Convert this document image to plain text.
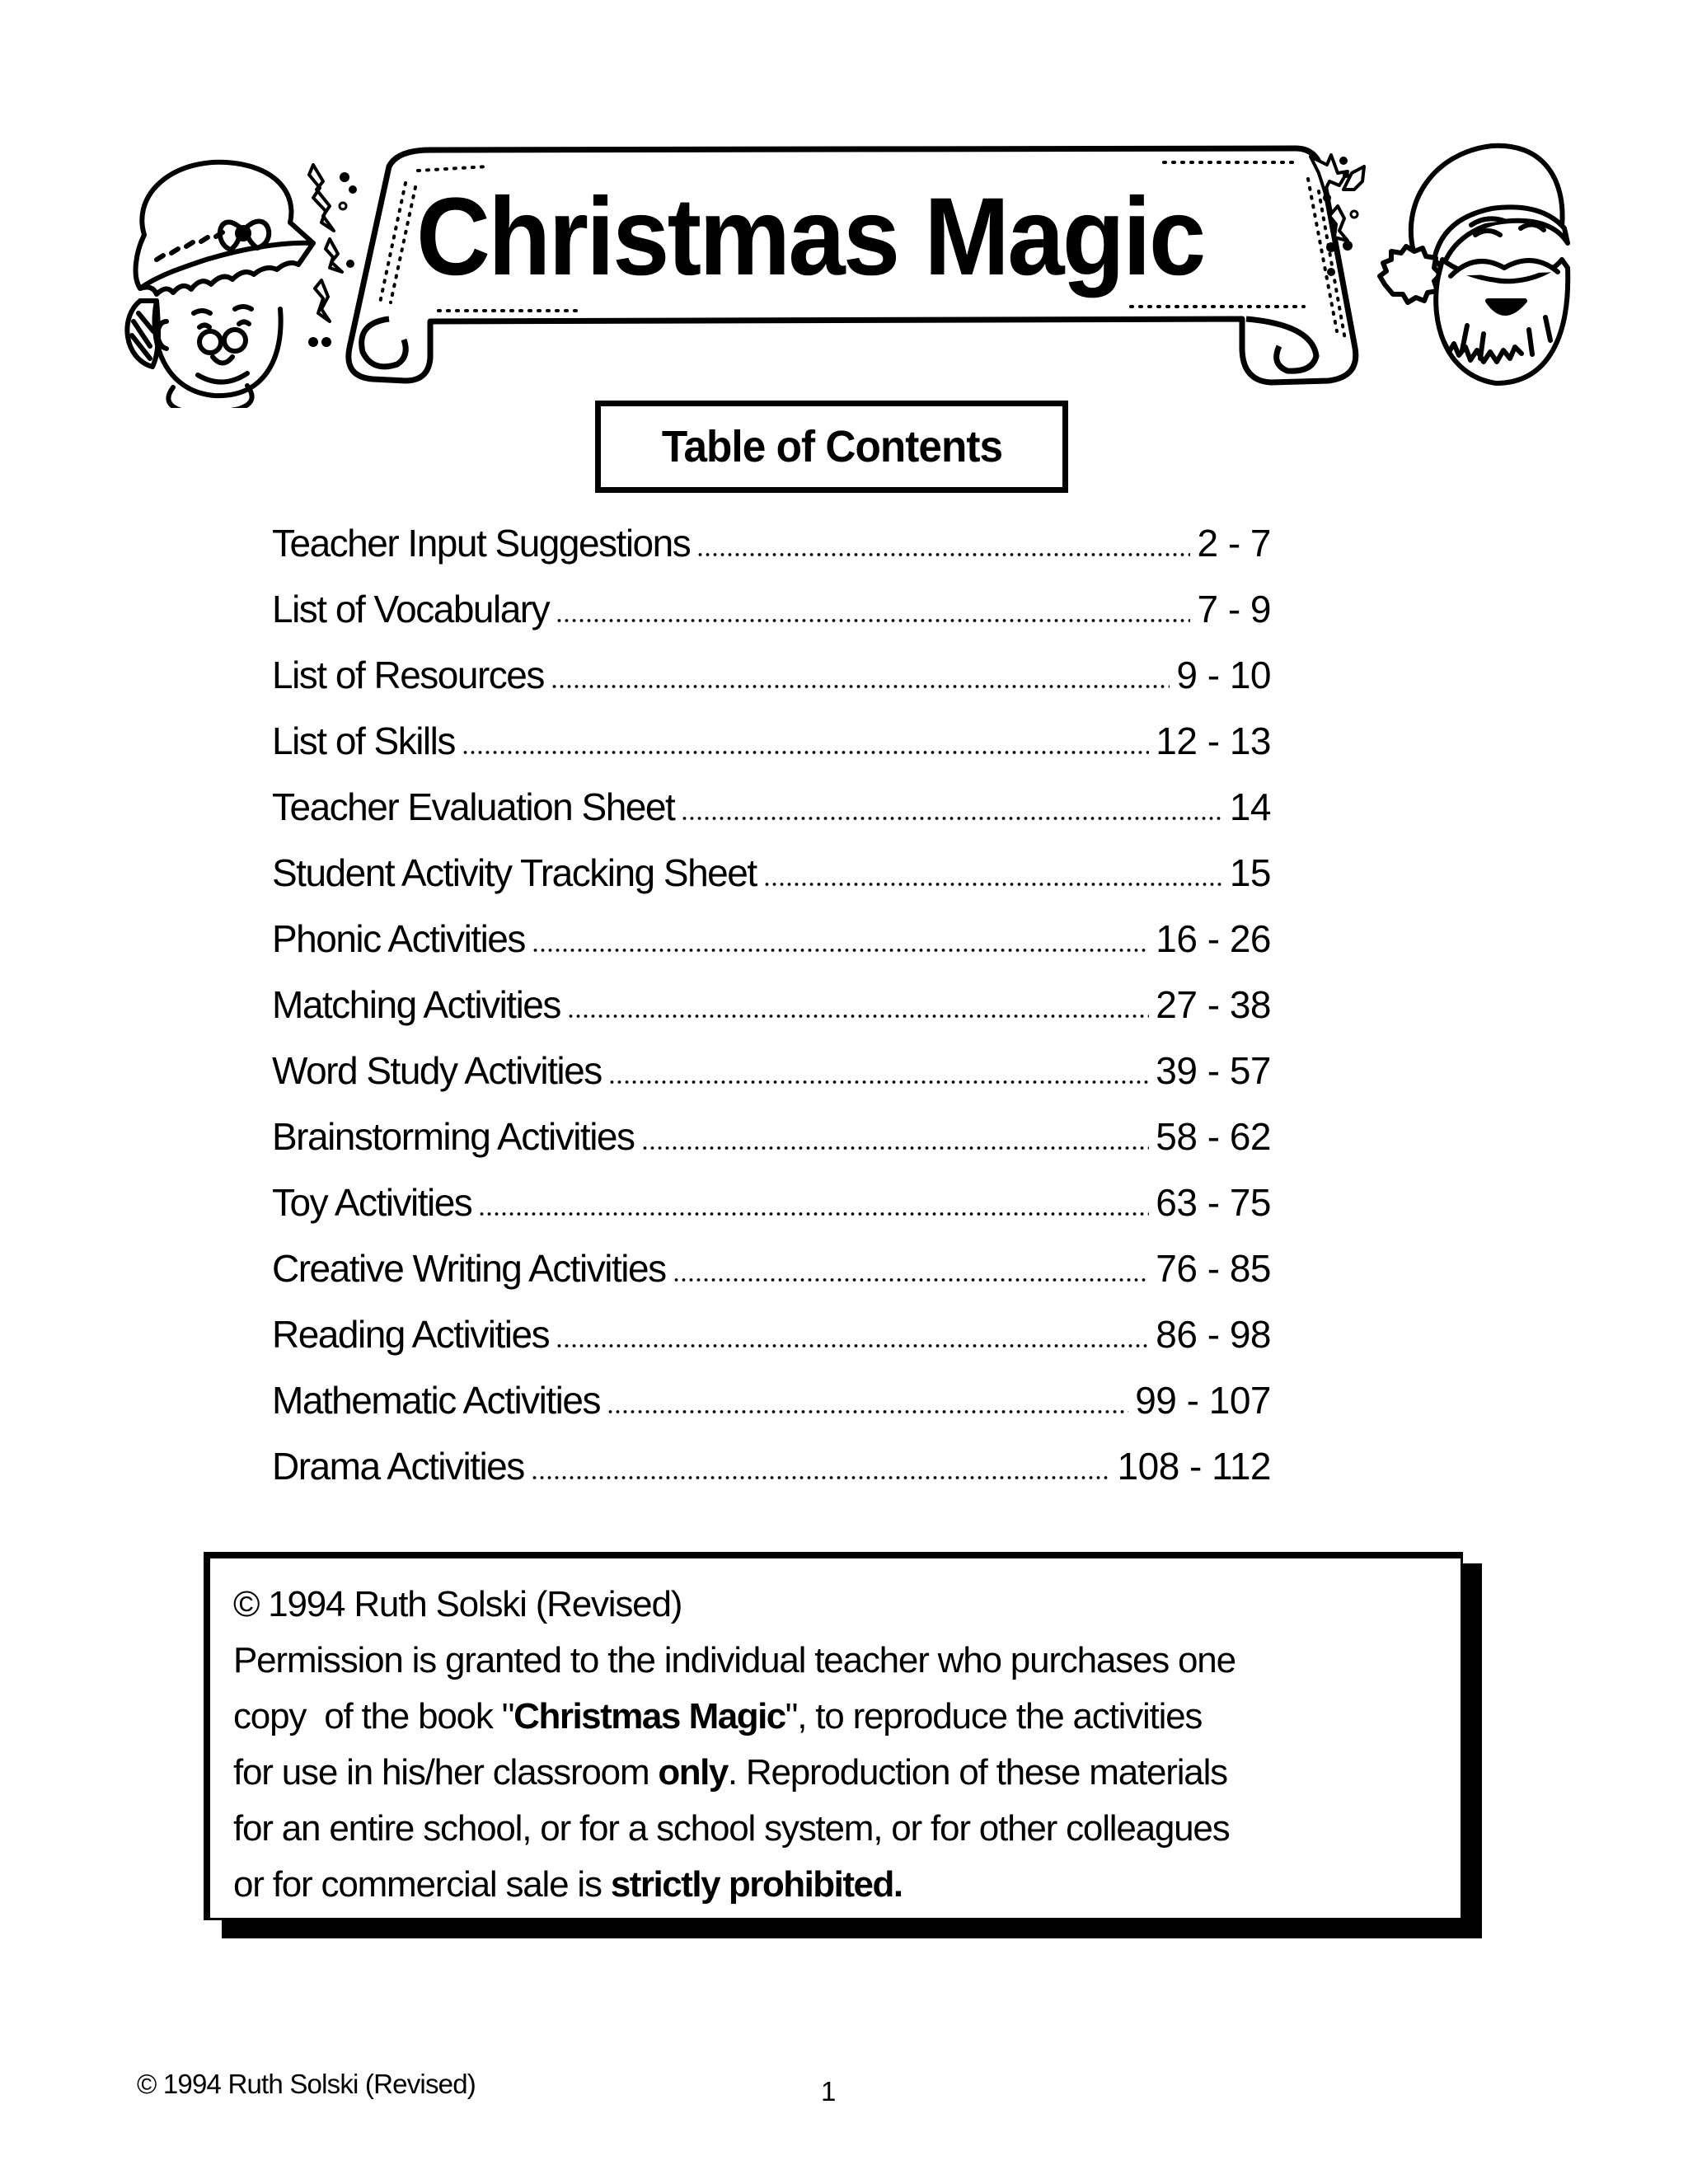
Christmas Magic
Table of Contents
Teacher Input Suggestions	2 - 7
List of Vocabulary	7 - 9
List of Resources	9 - 10
List of Skills	12 - 13
Teacher Evaluation Sheet	14
Student Activity Tracking Sheet	15
Phonic Activities	16 - 26
Matching Activities	27 - 38
Word Study Activities	39 - 57
Brainstorming Activities	58 - 62
Toy Activities	63 - 75
Creative Writing Activities	76 - 85
Reading Activities	86 - 98
Mathematic Activities	99 - 107
Drama Activities	108 - 112
© 1994 Ruth Solski (Revised)
Permission is granted to the individual teacher who purchases one
copy  of the book "Christmas Magic", to reproduce the activities
for use in his/her classroom only. Reproduction of these materials
for an entire school, or for a school system, or for other colleagues
or for commercial sale is strictly prohibited.
© 1994 Ruth Solski (Revised)	1
